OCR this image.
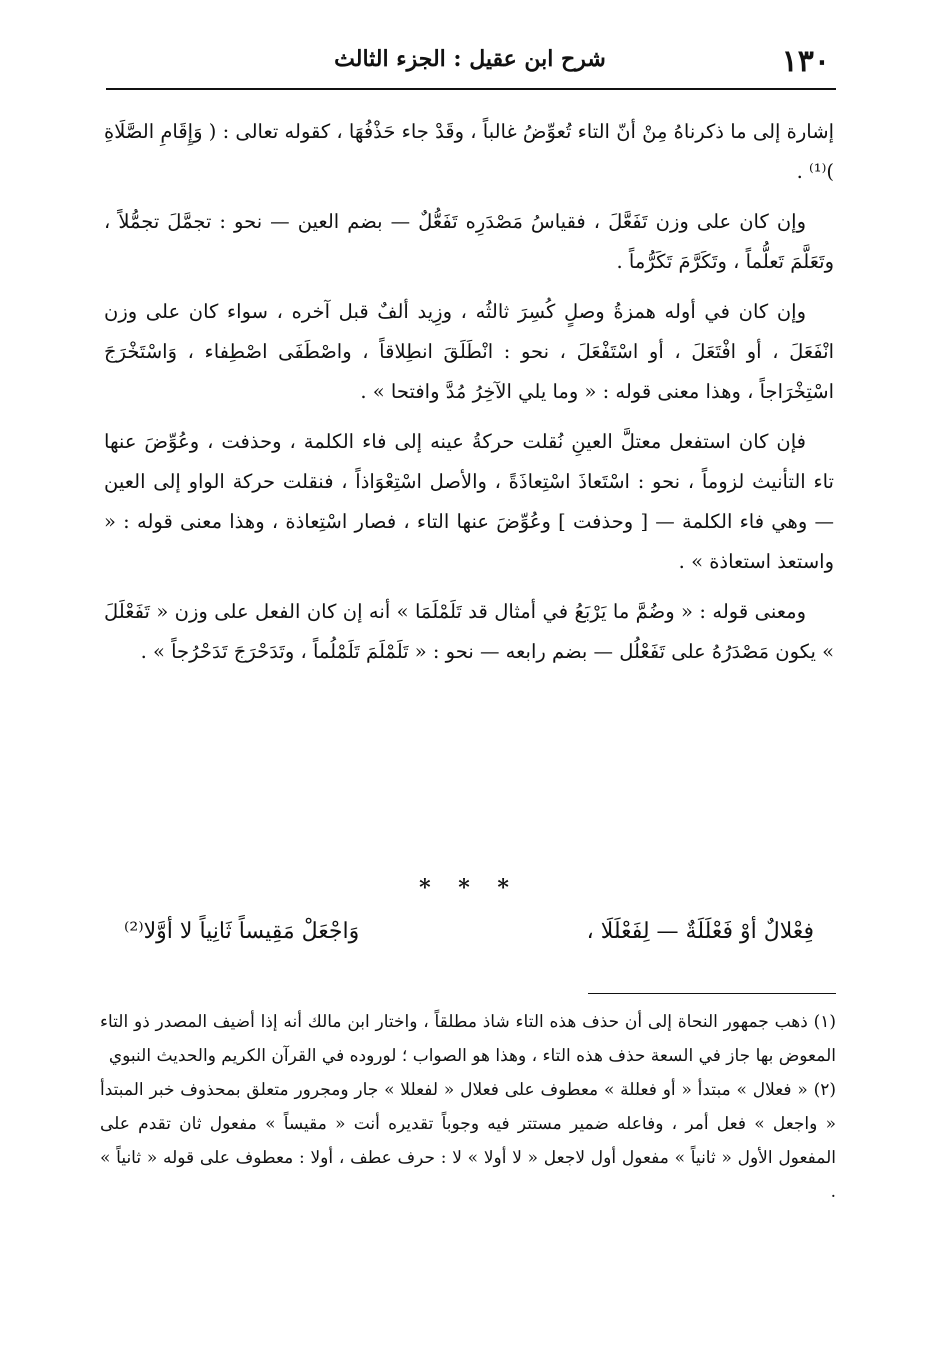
١٣٠
شرح ابن عقيل : الجزء الثالث

إشارة إلى ما ذكرناهُ مِنْ أنّ التاء تُعوِّضُ غالباً ، وقَدْ جاء حَذْفُهَا ، كقوله تعالى : ( وَإِقَامِ الصَّلَاةِ )⁽¹⁾ .

وإن كان على وزن تَفَعَّلَ ، فقياسُ مَصْدَرِه تَفَعُّلٌ — بضم العين — نحو : تجمَّلَ تجمُّلاً ، وتَعَلَّمَ تَعلُّماً ، وتَكَرَّمَ تَكَرُّماً .

وإن كان في أوله همزةُ وصلٍ كُسِرَ ثالثُه ، وزِيد ألفٌ قبل آخره ، سواء كان على وزن انْفَعَلَ ، أو افْتَعَلَ ، أو اسْتَفْعَلَ ، نحو : انْطَلَقَ انطِلاقاً ، واصْطَفَى اصْطِفاء ، وَاسْتَخْرَجَ اسْتِخْرَاجاً ، وهذا معنى قوله : « وما يلي الآخِرُ مُدَّ وافتحا » .

فإن كان استفعل معتلَّ العينِ نُقلت حركةُ عينه إلى فاء الكلمة ، وحذفت ، وعُوِّضَ عنها تاء التأنيث لزوماً ، نحو : اسْتَعاذَ اسْتِعاذَةً ، والأصل اسْتِعْوَاذاً ، فنقلت حركة الواو إلى العين — وهي فاء الكلمة — [ وحذفت ] وعُوِّضَ عنها التاء ، فصار اسْتِعاذة ، وهذا معنى قوله : « واستعذ استعاذة » .

ومعنى قوله : « وضُمَّ ما يَرْبَعُ في أمثال قد تَلَمْلَمَا » أنه إن كان الفعل على وزن « تَفَعْلَلَ » يكون مَصْدَرُهُ على تَفَعْلُل — بضم رابعه — نحو : « تَلَمْلَمَ تَلَمْلُماً ، وتَدَحْرَجَ تَدَحْرُجاً » .

* * *
فِعْلالٌ أوْ فَعْلَلَةٌ — لِفَعْلَلَا ،
وَاجْعَلْ مَقِيساً ثَانِياً لا أوَّلا⁽²⁾

(١) ذهب جمهور النحاة إلى أن حذف هذه التاء شاذ مطلقاً ، واختار ابن مالك أنه إذا أضيف المصدر ذو التاء المعوض بها جاز في السعة حذف هذه التاء ، وهذا هو الصواب ؛ لوروده في القرآن الكريم والحديث النبوي

(٢) « فعلال » مبتدأ « أو فعللة » معطوف على فعلال « لفعللا » جار ومجرور متعلق بمحذوف خبر المبتدأ « واجعل » فعل أمر ، وفاعله ضمير مستتر فيه وجوباً تقديره أنت « مقيساً » مفعول ثان تقدم على المفعول الأول « ثانياً » مفعول أول لاجعل « لا أولا » لا : حرف عطف ، أولا : معطوف على قوله « ثانياً » .
